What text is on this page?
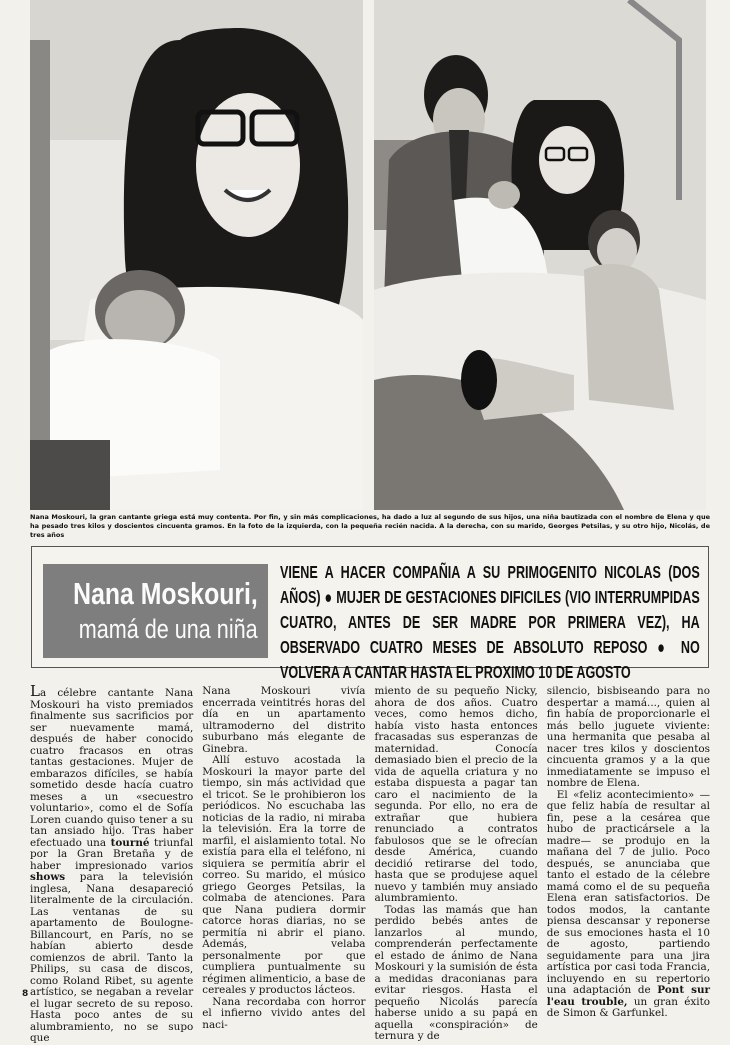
Nana Moskouri, la gran cantante griega está muy contenta. Por fin, y sin más complicaciones, ha dado a luz al segundo de sus hijos, una niña bautizada con el nombre de Elena y que ha pesado tres kilos y doscientos cincuenta gramos. En la foto de la izquierda, con la pequeña recién nacida. A la derecha, con su marido, Georges Petsilas, y su otro hijo, Nicolás, de tres años
Nana Moskouri,
mamá de una niña
VIENE A HACER COMPAÑIA A SU PRIMOGENITO NICOLAS (DOS AÑOS) ● MUJER DE GESTACIONES DIFICILES (VIO INTERRUMPIDAS CUATRO, ANTES DE SER MADRE POR PRIMERA VEZ), HA OBSERVADO CUATRO MESES DE ABSOLUTO REPOSO ● NO VOLVERA A CANTAR HASTA EL PROXIMO 10 DE AGOSTO

La célebre cantante Nana Moskouri ha visto premiados finalmente sus sacrificios por ser nuevamente mamá, después de haber conocido cuatro fracasos en otras tantas gestaciones. Mujer de embarazos difíciles, se había sometido desde hacía cuatro meses a un «secuestro voluntario», como el de Sofía Loren cuando quiso tener a su tan ansiado hijo. Tras haber efectuado una tourné triunfal por la Gran Bretaña y de haber impresionado varios shows para la televisión inglesa, Nana desapareció literalmente de la circulación. Las ventanas de su apartamento de Boulogne-Billancourt, en París, no se habían abierto desde comienzos de abril. Tanto la Philips, su casa de discos, como Roland Ribet, su agente artístico, se negaban a revelar el lugar secreto de su reposo. Hasta poco antes de su alumbramiento, no se supo que

Nana Moskouri vivía encerrada veintitrés horas del día en un apartamento ultramoderno del distrito suburbano más elegante de Ginebra.

Allí estuvo acostada la Moskouri la mayor parte del tiempo, sin más actividad que el tricot. Se le prohibieron los periódicos. No escuchaba las noticias de la radio, ni miraba la televisión. Era la torre de marfil, el aislamiento total. No existía para ella el teléfono, ni siquiera se permitía abrir el correo. Su marido, el músico griego Georges Petsilas, la colmaba de atenciones. Para que Nana pudiera dormir catorce horas diarias, no se permitía ni abrir el piano. Además, velaba personalmente por que cumpliera puntualmente su régimen alimenticio, a base de cereales y productos lácteos.

Nana recordaba con horror el infierno vivido antes del naci-

miento de su pequeño Nicky, ahora de dos años. Cuatro veces, como hemos dicho, había visto hasta entonces fracasadas sus esperanzas de maternidad. Conocía demasiado bien el precio de la vida de aquella criatura y no estaba dispuesta a pagar tan caro el nacimiento de la segunda. Por ello, no era de extrañar que hubiera renunciado a contratos fabulosos que se le ofrecían desde América, cuando decidió retirarse del todo, hasta que se produjese aquel nuevo y también muy ansiado alumbramiento.

Todas las mamás que han perdido bebés antes de lanzarlos al mundo, comprenderán perfectamente el estado de ánimo de Nana Moskouri y la sumisión de ésta a medidas draconianas para evitar riesgos. Hasta el pequeño Nicolás parecía haberse unido a su papá en aquella «conspiración» de ternura y de

silencio, bisbiseando para no despertar a mamá..., quien al fin había de proporcionarle el más bello juguete viviente: una hermanita que pesaba al nacer tres kilos y doscientos cincuenta gramos y a la que inmediatamente se impuso el nombre de Elena.

El «feliz acontecimiento» —que feliz había de resultar al fin, pese a la cesárea que hubo de practicársele a la madre— se produjo en la mañana del 7 de julio. Poco después, se anunciaba que tanto el estado de la célebre mamá como el de su pequeña Elena eran satisfactorios. De todos modos, la cantante piensa descansar y reponerse de sus emociones hasta el 10 de agosto, partiendo seguidamente para una jira artística por casi toda Francia, incluyendo en su repertorio una adaptación de Pont sur l'eau trouble, un gran éxito de Simon & Garfunkel.

8
